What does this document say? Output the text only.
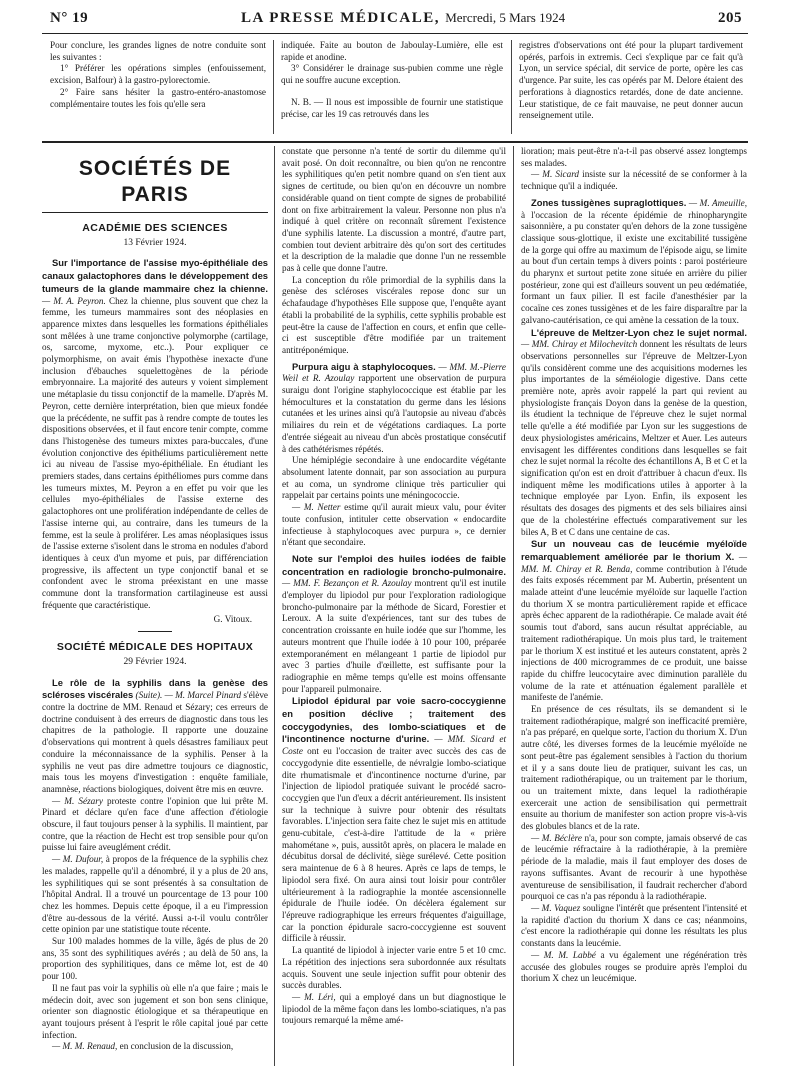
N° 19	LA PRESSE MÉDICALE, Mercredi, 5 Mars 1924	205

Pour conclure, les grandes lignes de notre conduite sont les suivantes :

1° Préférer les opérations simples (enfouissement, excision, Balfour) à la gastro-pylorectomie.

2° Faire sans hésiter la gastro-entéro-anastomose complémentaire toutes les fois qu'elle sera

indiquée. Faite au bouton de Jaboulay-Lumière, elle est rapide et anodine.

3° Considérer le drainage sus-pubien comme une règle qui ne souffre aucune exception.

N. B. — Il nous est impossible de fournir une statistique précise, car les 19 cas retrouvés dans les

registres d'observations ont été pour la plupart tardivement opérés, parfois in extremis. Ceci s'explique par ce fait qu'à Lyon, un service spécial, dit service de porte, opère les cas d'urgence. Par suite, les cas opérés par M. Delore étaient des perforations à diagnostics retardés, done de date ancienne. Leur statistique, de ce fait mauvaise, ne peut donner aucun renseignement utile.

SOCIÉTÉS DE PARIS
ACADÉMIE DES SCIENCES
13 Février 1924.

Sur l'importance de l'assise myo-épithéliale des canaux galactophores dans le développement des tumeurs de la glande mammaire chez la chienne. — M. A. Peyron. Chez la chienne, plus souvent que chez la femme, les tumeurs mammaires sont des néoplasies en apparence mixtes dans lesquelles les formations épithéliales sont mêlées à une trame conjonctive polymorphe (cartilage, os, sarcome, myxome, etc..). Pour expliquer ce polymorphisme, on avait émis l'hypothèse inexacte d'une inclusion d'ébauches squelettogènes de la période embryonnaire. La majorité des auteurs y voient simplement une métaplasie du tissu conjonctif de la mamelle. D'après M. Peyron, cette dernière interprétation, bien que mieux fondée que la précédente, ne suffit pas à rendre compte de toutes les dispositions observées, et il faut encore tenir compte, comme dans l'histogenèse des tumeurs mixtes para-buccales, d'une évolution conjonctive des épithéliums particulièrement nette ici au niveau de l'assise myo-épithéliale. En étudiant les premiers stades, dans certains épithéliomes purs comme dans les tumeurs mixtes, M. Peyron a en effet pu voir que les cellules myo-épithéliales de l'assise externe des galactophores ont une prolifération indépendante de celles de l'assise interne qui, au contraire, dans les tumeurs de la femme, est la seule à proliférer. Les amas néoplasiques issus de l'assise externe s'isolent dans le stroma en nodules d'abord identiques à ceux d'un myome et puis, par différenciation progressive, ils affectent un type conjonctif banal et se confondent avec le stroma préexistant en une masse commune dont la transformation cartilagineuse est aussi fréquente que caractéristique.

G. Vitoux.
SOCIÉTÉ MÉDICALE DES HOPITAUX
29 Février 1924.

Le rôle de la syphilis dans la genèse des scléroses viscérales (Suite). — M. Marcel Pinard s'élève contre la doctrine de MM. Renaud et Sézary; ces erreurs de doctrine conduisent à des erreurs de diagnostic dans tous les chapitres de la pathologie. Il rapporte une douzaine d'observations qui montrent à quels désastres familiaux peut conduire la méconnaissance de la syphilis. Penser à la syphilis ne veut pas dire admettre toujours ce diagnostic, mais tous les moyens d'investigation : enquête familiale, anamnèse, réactions biologiques, doivent être mis en œuvre.

— M. Sézary proteste contre l'opinion que lui prête M. Pinard et déclare qu'en face d'une affection d'étiologie obscure, il faut toujours penser à la syphilis. Il maintient, par contre, que la réaction de Hecht est trop sensible pour qu'on puisse lui faire aveuglément crédit.

— M. Dufour, à propos de la fréquence de la syphilis chez les malades, rappelle qu'il a dénombré, il y a plus de 20 ans, les syphilitiques qui se sont présentés à sa consultation de l'hôpital Andral. Il a trouvé un pourcentage de 13 pour 100 chez les hommes. Depuis cette époque, il a eu l'impression d'être au-dessous de la vérité. Aussi a-t-il voulu contrôler cette opinion par une statistique toute récente.

Sur 100 malades hommes de la ville, âgés de plus de 20 ans, 35 sont des syphilitiques avérés ; au delà de 50 ans, la proportion des syphilitiques, dans ce même lot, est de 40 pour 100.

Il ne faut pas voir la syphilis où elle n'a que faire ; mais le médecin doit, avec son jugement et son bon sens clinique, orienter son diagnostic étiologique et sa thérapeutique en ayant toujours présent à l'esprit le rôle capital joué par cette infection.

— M. M. Renaud, en conclusion de la discussion,

constate que personne n'a tenté de sortir du dilemme qu'il avait posé. On doit reconnaître, ou bien qu'on ne rencontre les syphilitiques qu'en petit nombre quand on s'en tient aux signes de certitude, ou bien qu'on en découvre un nombre considérable quand on tient compte de signes de probabilité dont on fixe arbitrairement la valeur. Personne non plus n'a indiqué à quel critère on reconnaît sûrement l'existence d'une syphilis latente. La discussion a montré, d'autre part, combien tout devient arbitraire dès qu'on sort des certitudes et la description de la maladie que donne l'un ne ressemble pas à celle que donne l'autre.

La conception du rôle primordial de la syphilis dans la genèse des scléroses viscérales repose donc sur un échafaudage d'hypothèses Elle suppose que, l'enquête ayant établi la probabilité de la syphilis, cette syphilis probable est peut-être la cause de l'affection en cours, et enfin que celle-ci est susceptible d'être modifiée par un traitement antitréponémique.

Purpura aigu à staphylocoques. — MM. M.-Pierre Weil et R. Azoulay rapportent une observation de purpura suraigu dont l'origine staphylococcique est établie par les hémocultures et la constatation du germe dans les lésions cutanées et les urines ainsi qu'à l'autopsie au niveau d'abcès miliaires du rein et de végétations cardiaques. La porte d'entrée siégeait au niveau d'un abcès prostatique consécutif à des cathétérismes répétés.

Une hémiplégie secondaire à une endocardite végétante absolument latente donnait, par son association au purpura et au coma, un syndrome clinique très particulier qui rappelait par certains points une méningococcie.

— M. Netter estime qu'il aurait mieux valu, pour éviter toute confusion, intituler cette observation « endocardite infectieuse à staphylocoques avec purpura », ce dernier n'étant que secondaire.

Note sur l'emploi des huiles iodées de faible concentration en radiologie broncho-pulmonaire. — MM. F. Bezançon et R. Azoulay montrent qu'il est inutile d'employer du lipiodol pur pour l'exploration radiologique broncho-pulmonaire par la méthode de Sicard, Forestier et Leroux. A la suite d'expériences, tant sur des tubes de concentration croissante en huile iodée que sur l'homme, les auteurs montrent que l'huile iodée à 10 pour 100, préparée extemporanément en mélangeant 1 partie de lipiodol pur avec 3 parties d'huile d'œillette, est suffisante pour la radiographie en même temps qu'elle est moins offensante pour l'appareil pulmonaire.

Lipiodol épidural par voie sacro-coccygienne en position déclive ; traitement des coccygodynies, des lombo-sciatiques et de l'incontinence nocturne d'urine. — MM. Sicard et Coste ont eu l'occasion de traiter avec succès des cas de coccygodynie dite essentielle, de névralgie lombo-sciatique dite rhumatismale et d'incontinence nocturne d'urine, par l'injection de lipiodol pratiquée suivant le procédé sacro-coccygien que l'un d'eux a décrit antérieurement. Ils insistent sur la technique à suivre pour obtenir des résultats favorables. L'injection sera faite chez le sujet mis en attitude genu-cubitale, c'est-à-dire l'attitude de la « prière mahométane », puis, aussitôt après, on placera le malade en décubitus dorsal de déclivité, siège surélevé. Cette position sera maintenue de 6 à 8 heures. Après ce laps de temps, le lipiodol sera fixé. On aura ainsi tout loisir pour contrôler ultérieurement à la radiographie la montée ascensionnelle épidurale de l'huile iodée. On décèlera également sur l'épreuve radiographique les erreurs fréquentes d'aiguillage, car la ponction épidurale sacro-coccygienne est souvent difficile à réussir.

La quantité de lipiodol à injecter varie entre 5 et 10 cmc. La répétition des injections sera subordonnée aux résultats acquis. Souvent une seule injection suffit pour obtenir des succès durables.

— M. Léri, qui a employé dans un but diagnostique le lipiodol de la même façon dans les lombo-sciatiques, n'a pas toujours remarqué la même amé-

lioration; mais peut-être n'a-t-il pas observé assez longtemps ses malades.

— M. Sicard insiste sur la nécessité de se conformer à la technique qu'il a indiquée.

Zones tussigènes supraglottiques. — M. Ameuille, à l'occasion de la récente épidémie de rhinopharyngite saisonnière, a pu constater qu'en dehors de la zone tussigène classique sous-glottique, il existe une excitabilité tussigène de la gorge qui offre au maximum de l'épisode aigu, se limite au bout d'un certain temps à divers points : paroi postérieure du pharynx et surtout petite zone située en arrière du pilier postérieur, zone qui est d'ailleurs souvent un peu œdématiée, formant un faux pilier. Il est facile d'anesthésier par la cocaïne ces zones tussigènes et de les faire disparaître par la galvano-cautérisation, ce qui amène la cessation de la toux.

L'épreuve de Meltzer-Lyon chez le sujet normal. — MM. Chiray et Milochevitch donnent les résultats de leurs observations personnelles sur l'épreuve de Meltzer-Lyon qu'ils considèrent comme une des acquisitions modernes les plus importantes de la séméiologie digestive. Dans cette première note, après avoir rappelé la part qui revient au physiologiste français Doyon dans la genèse de la question, ils étudient la technique de l'épreuve chez le sujet normal telle qu'elle a été modifiée par Lyon sur les suggestions de deux physiologistes américains, Meltzer et Auer. Les auteurs envisagent les différentes conditions dans lesquelles se fait chez le sujet normal la récolte des échantillons A, B et C et la signification qu'on est en droit d'attribuer à chacun d'eux. Ils indiquent même les modifications utiles à apporter à la technique employée par Lyon. Enfin, ils exposent les résultats des dosages des pigments et des sels biliaires ainsi que de la cholestérine effectués comparativement sur les biles A, B et C dans une centaine de cas.

Sur un nouveau cas de leucémie myéloïde remarquablement améliorée par le thorium X. — MM. M. Chiray et R. Benda, comme contribution à l'étude des faits exposés récemment par M. Aubertin, présentent un malade atteint d'une leucémie myéloïde sur laquelle l'action du thorium X se montra particulièrement rapide et efficace après échec apparent de la radiothérapie. Ce malade avait été soumis tout d'abord, sans aucun résultat appréciable, au traitement radiothérapique. Un mois plus tard, le traitement par le thorium X est institué et les auteurs constatent, après 2 injections de 400 microgrammes de ce produit, une baisse rapide du chiffre leucocytaire avec diminution parallèle du volume de la rate et atténuation également parallèle et manifeste de l'anémie.

En présence de ces résultats, ils se demandent si le traitement radiothérapique, malgré son inefficacité première, n'a pas préparé, en quelque sorte, l'action du thorium X. D'un autre côté, les diverses formes de la leucémie myéloïde ne sont peut-être pas également sensibles à l'action du thorium et il y a sans doute lieu de pratiquer, suivant les cas, un traitement radiothérapique, ou un traitement par le thorium, ou un traitement mixte, dans lequel la radiothérapie exercerait une action de sensibilisation qui permettrait ensuite au thorium de manifester son action propre vis-à-vis des globules blancs et de la rate.

— M. Béclère n'a, pour son compte, jamais observé de cas de leucémie réfractaire à la radiothérapie, à la première période de la maladie, mais il faut employer des doses de rayons suffisantes. Avant de recourir à une hypothèse aventureuse de sensibilisation, il faudrait rechercher d'abord pourquoi ce cas n'a pas répondu à la radiothérapie.

— M. Vaquez souligne l'intérêt que présentent l'intensité et la rapidité d'action du thorium X dans ce cas; néanmoins, c'est encore la radiothérapie qui donne les résultats les plus constants dans la leucémie.

— M. M. Labbé a vu également une régénération très accusée des globules rouges se produire après l'emploi du thorium X chez un leucémique.
